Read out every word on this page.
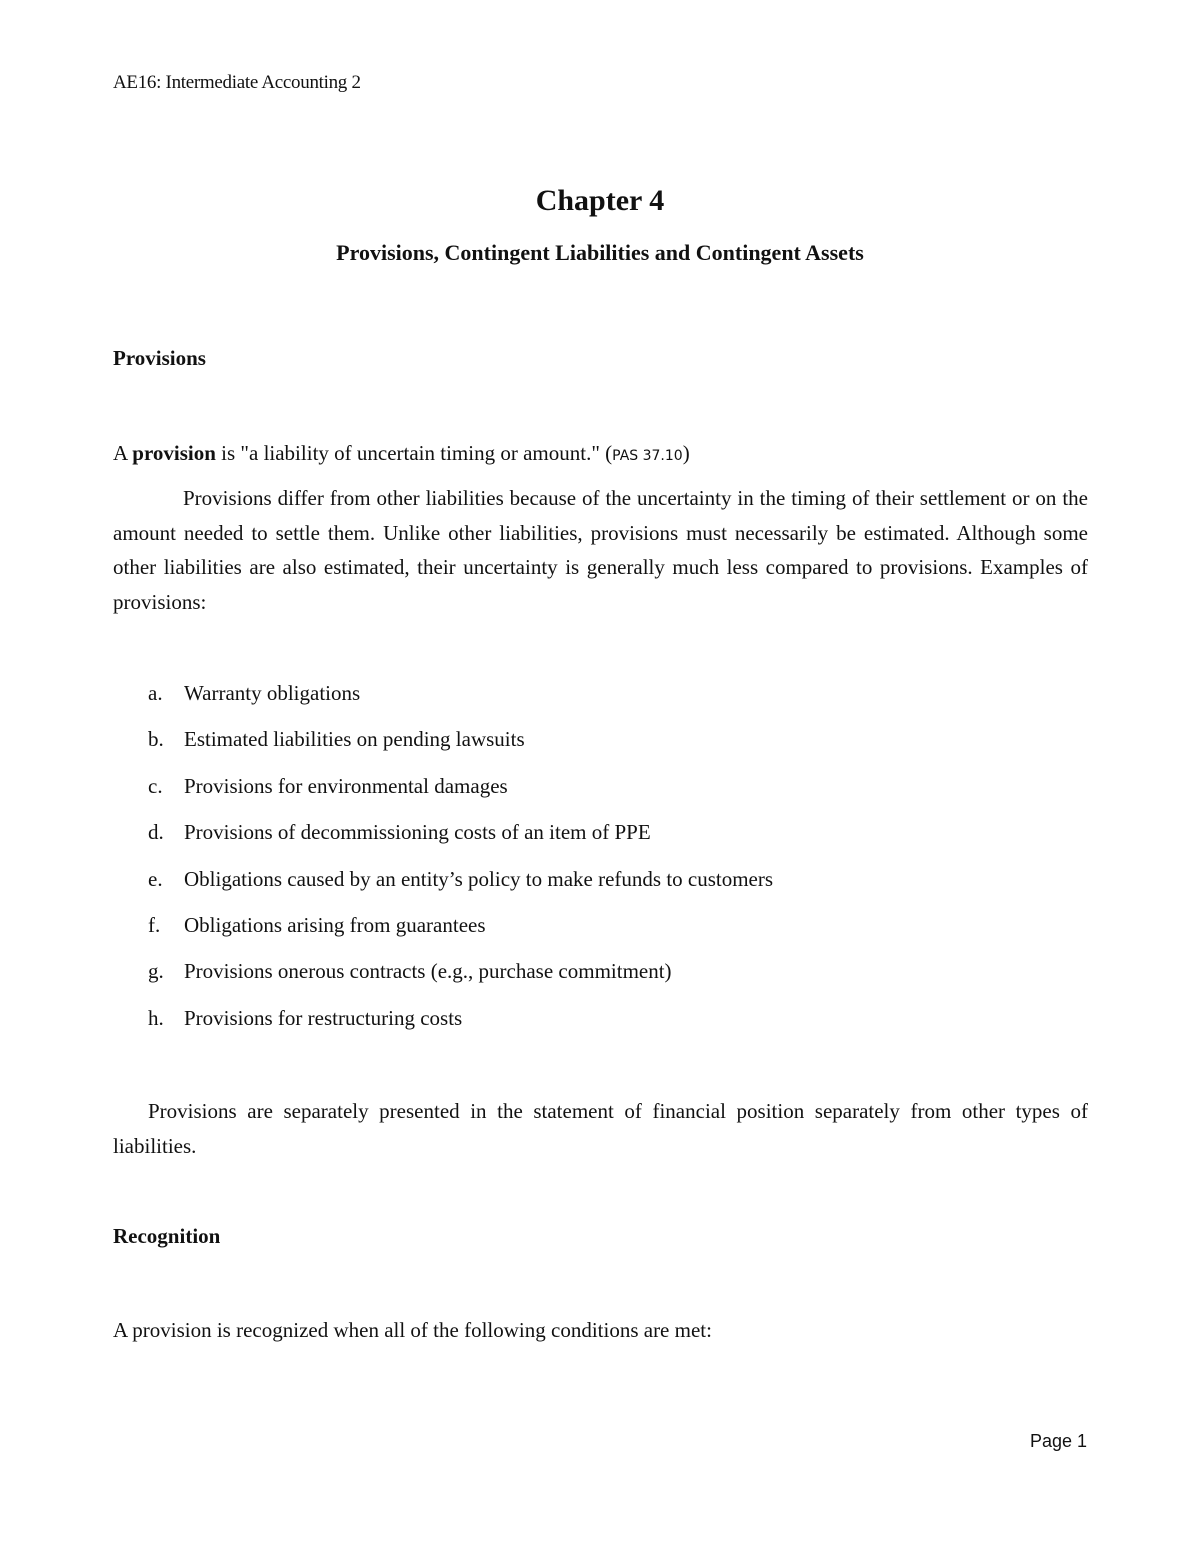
AE16: Intermediate Accounting 2
Chapter 4
Provisions, Contingent Liabilities and Contingent Assets
Provisions
A provision is "a liability of uncertain timing or amount." (PAS 37.10)
Provisions differ from other liabilities because of the uncertainty in the timing of their settlement or on the amount needed to settle them. Unlike other liabilities, provisions must necessarily be estimated. Although some other liabilities are also estimated, their uncertainty is generally much less compared to provisions. Examples of provisions:
a. Warranty obligations
b. Estimated liabilities on pending lawsuits
c. Provisions for environmental damages
d. Provisions of decommissioning costs of an item of PPE
e. Obligations caused by an entity’s policy to make refunds to customers
f. Obligations arising from guarantees
g. Provisions onerous contracts (e.g., purchase commitment)
h. Provisions for restructuring costs
Provisions are separately presented in the statement of financial position separately from other types of liabilities.
Recognition
A provision is recognized when all of the following conditions are met:
Page 1
